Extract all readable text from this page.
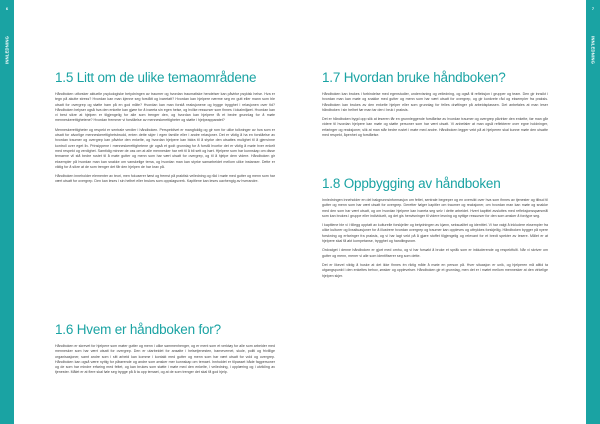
6
INNLEDNING
1.5 Litt om de ulike temaområdene

Håndboken utforsker aktuelle psykologiske betydningen av traumer og hvordan traumatiske hendelser kan påvirke psykisk helse. Hva er tegn på akutte stress? Hvordan kan man kjenne seg forstått og ivaretatt? Hvordan kan hjelpere nærme seg en gutt eller mann som ble utsatt for overgrep og støtte ham på en god måte? Hvordan kan man forstå reaksjonene og bygge trygghet i relasjonen over tid? Håndboken belyser også hva den enkelte kan gjøre for å ivareta sin egen helse, og hvilke ressurser som finnes i lokalmiljøet. Hvordan kan vi best sikre at hjelpen er tilgjengelig for alle som trenger den, og hvordan kan hjelpere få et bedre grunnlag for å møte menneskerettighetene? Hvordan fremmer vi forståelse av menneskerettigheter og støtte i hjelpeapparatet?

Menneskerettigheter og respekt er sentrale verdier i håndboken. Perspektivet er mangfoldig og gir rom for ulike tolkninger av hva som er utsatt for alvorlige menneskerettighetsbrudd, enten dette skjer i egen familie eller i andre relasjoner. Det er viktig å ha en forståelse av hvordan traumer og overgrep kan påvirke den enkelte, og hvordan hjelpere kan bidra til å styrke den utsattes mulighet til å gjenvinne kontroll over eget liv. Prinsippene i menneskerettighetene gir også et godt grunnlag for å forstå hvorfor det er viktig å møte hver enkelt med respekt og verdighet. Samtidig minner de oss om at alle mennesker har rett til å bli sett og hørt. Hjelpere som har kunnskap om disse temaene vil stå bedre rustet til å møte gutter og menn som har vært utsatt for overgrep, og til å hjelpe dem videre. Håndboken gir eksempler på hvordan man kan snakke om vanskelige tema, og hvordan man kan styrke samarbeidet mellom ulike instanser. Dette er viktig for å sikre at de som trenger det får den hjelpen de har krav på.

Håndboken inneholder elementer av teori, men fokuserer først og fremst på praktisk veiledning og råd i møte med gutter og menn som har vært utsatt for overgrep. Den kan leses i sin helhet eller brukes som oppslagsverk. Kapitlene kan leses uavhengig av hverandre.

1.6 Hvem er håndboken for?

Håndboken er skrevet for hjelpere som møter gutter og menn i ulike sammenhenger, og er ment som et verktøy for alle som arbeider med mennesker som har vært utsatt for overgrep. Den er utarbeidet for ansatte i helsetjenesten, barnevernet, skole, politi og frivillige organisasjoner, samt andre som i sitt arbeid kan komme i kontakt med gutter og menn som har vært utsatt for vold og overgrep. Håndboken kan også være nyttig for pårørende og andre som ønsker mer kunnskap om temaet. Innholdet er tilpasset både fagpersoner og de som har mindre erfaring med feltet, og kan brukes som støtte i møte med den enkelte, i veiledning, i opplæring og i utvikling av tjenester. Målet er at flere skal føle seg trygge på å ta opp temaet, og at de som trenger det skal få god hjelp.

7
INNLEDNING
1.7 Hvordan bruke håndboken?

Håndboken kan brukes i forbindelse med egenstudier, undervisning og veiledning, og også til refleksjon i grupper og team. Den gir innsikt i hvordan man kan møte og snakke med gutter og menn som har vært utsatt for overgrep, og gir konkrete råd og eksempler fra praksis. Håndboken kan brukes av den enkelte hjelper eller som grunnlag for felles drøftinger på arbeidsplassen. Det anbefales at man leser håndboken i sin helhet før man tar den i bruk i praksis.

Det er håndboken bygd opp slik at leseren får en grunnleggende forståelse av hvordan traumer og overgrep påvirker den enkelte, før man går videre til hvordan hjelpere kan møte og støtte personer som har vært utsatt. Vi anbefaler at man også reflekterer over egne holdninger, erfaringer og reaksjoner, slik at man står bedre rustet i møte med andre. Håndboken legger vekt på at hjelperen skal kunne møte den utsatte med respekt, åpenhet og forståelse.

1.8 Oppbygging av håndboken

Innledningen inneholder en del bakgrunnsinformasjon om feltet, sentrale begreper og en oversikt over hva som finnes av tjenester og tilbud til gutter og menn som har vært utsatt for overgrep. Deretter følger kapitler om traumer og reaksjoner, om hvordan man kan møte og snakke med den som har vært utsatt, og om hvordan hjelpere kan ivareta seg selv i dette arbeidet. Hvert kapittel avsluttes med refleksjonsspørsmål som kan brukes i gruppe eller individuelt, og det gis henvisninger til videre lesning og nyttige ressurser for den som ønsker å fordype seg.

I kapitlene ble vi i tillegg opptatt av kulturelle forskjeller og betydningen av kjønn, seksualitet og identitet. Vi har valgt å inkludere eksempler fra ulike kulturer og livssituasjoner for å illustrere hvordan overgrep og traumer kan oppleves og uttrykkes forskjellig. Håndboken bygger på nyere forskning og erfaringer fra praksis, og vi har lagt vekt på å gjøre stoffet tilgjengelig og relevant for et bredt spekter av lesere. Målet er at hjelpere skal få økt kompetanse, trygghet og handlingsrom.

Ordvalget i denne håndboken er gjort med omhu, og vi har forsøkt å bruke et språk som er inkluderende og respektfullt. Når vi skriver om gutter og menn, mener vi alle som identifiserer seg som dette.

Det er likevel viktig å huske at det ikke finnes én riktig måte å møte en person på. Hver situasjon er unik, og hjelperen må alltid ta utgangspunkt i den enkeltes behov, ønsker og opplevelser. Håndboken gir et grunnlag, men det er i møtet mellom mennesker at den virkelige hjelpen skjer.
